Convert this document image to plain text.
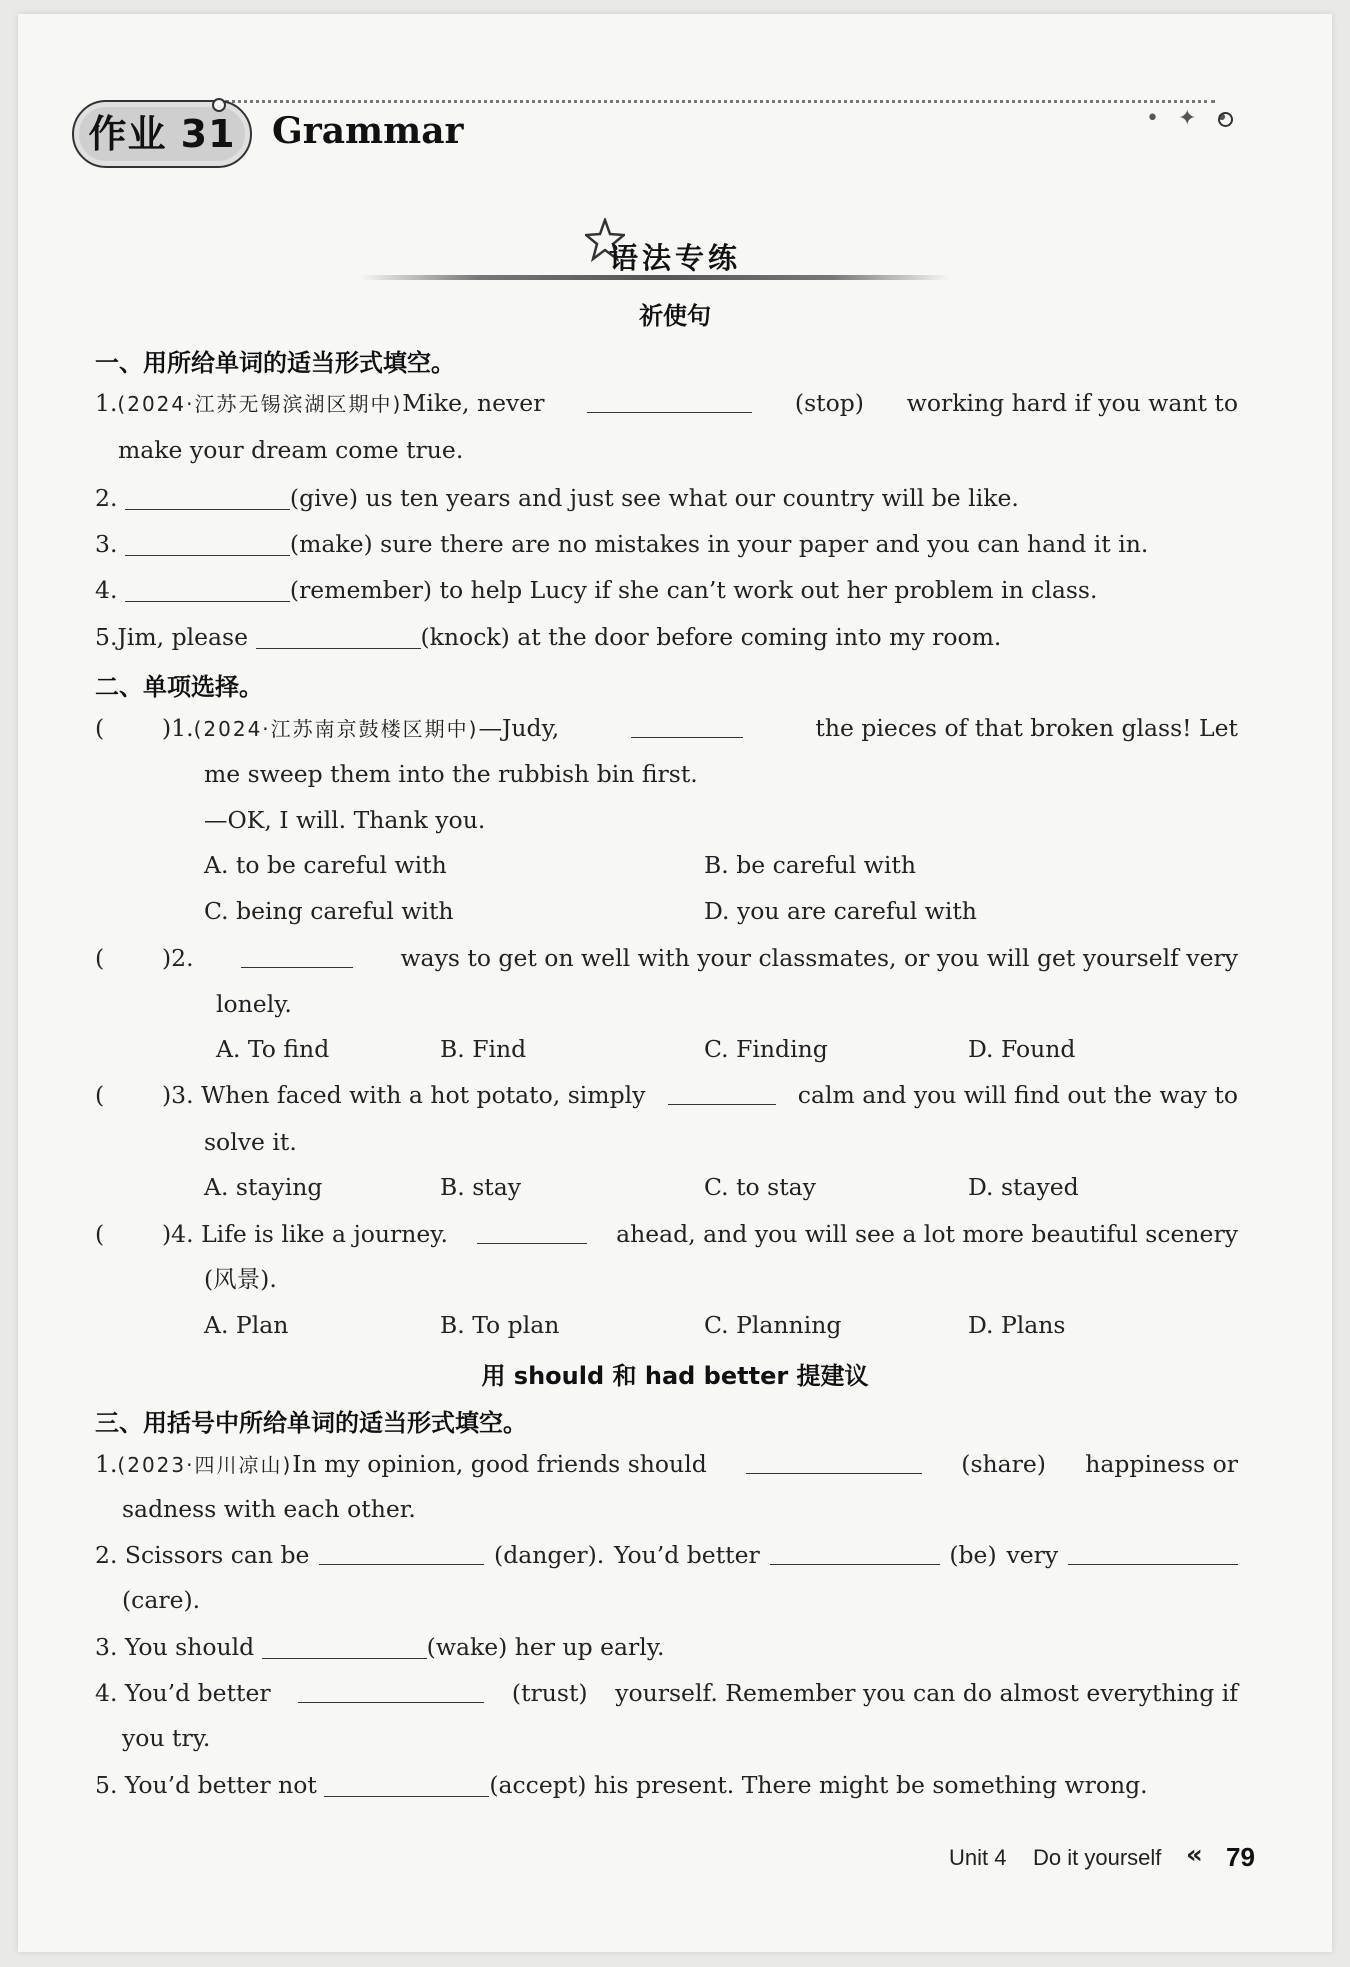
作业 31	Grammar	• ✦ •
语法专练
祈使句
一、用所给单词的适当形式填空。
1.(2024·江苏无锡滨湖区期中)Mike, never	(stop) working hard if you want to
make your dream come true.
2.	(give) us ten years and just see what our country will be like.
3.	(make) sure there are no mistakes in your paper and you can hand it in.
4.	(remember) to help Lucy if she can’t work out her problem in class.
5.Jim, please	(knock) at the door before coming into my room.
二、单项选择。
( )1.(2024·江苏南京鼓楼区期中)—Judy,	the pieces of that broken glass! Let
me sweep them into the rubbish bin first.
—OK, I will. Thank you.
A. to be careful with	B. be careful with
C. being careful with	D. you are careful with
( )2.	ways to get on well with your classmates, or you will get yourself very
lonely.
A. To find	B. Find	C. Finding	D. Found
( )3. When faced with a hot potato, simply	calm and you will find out the way to
solve it.
A. staying	B. stay	C. to stay	D. stayed
( )4. Life is like a journey.	ahead, and you will see a lot more beautiful scenery
(风景).
A. Plan	B. To plan	C. Planning	D. Plans
用 should 和 had better 提建议
三、用括号中所给单词的适当形式填空。
1.(2023·四川凉山)In my opinion, good friends should	(share) happiness or
sadness with each other.
2. Scissors can be	(danger). You’d better	(be) very
(care).
3. You should	(wake) her up early.
4. You’d better	(trust) yourself. Remember you can do almost everything if
you try.
5. You’d better not	(accept) his present. There might be something wrong.
Unit 4 Do it yourself « 79
